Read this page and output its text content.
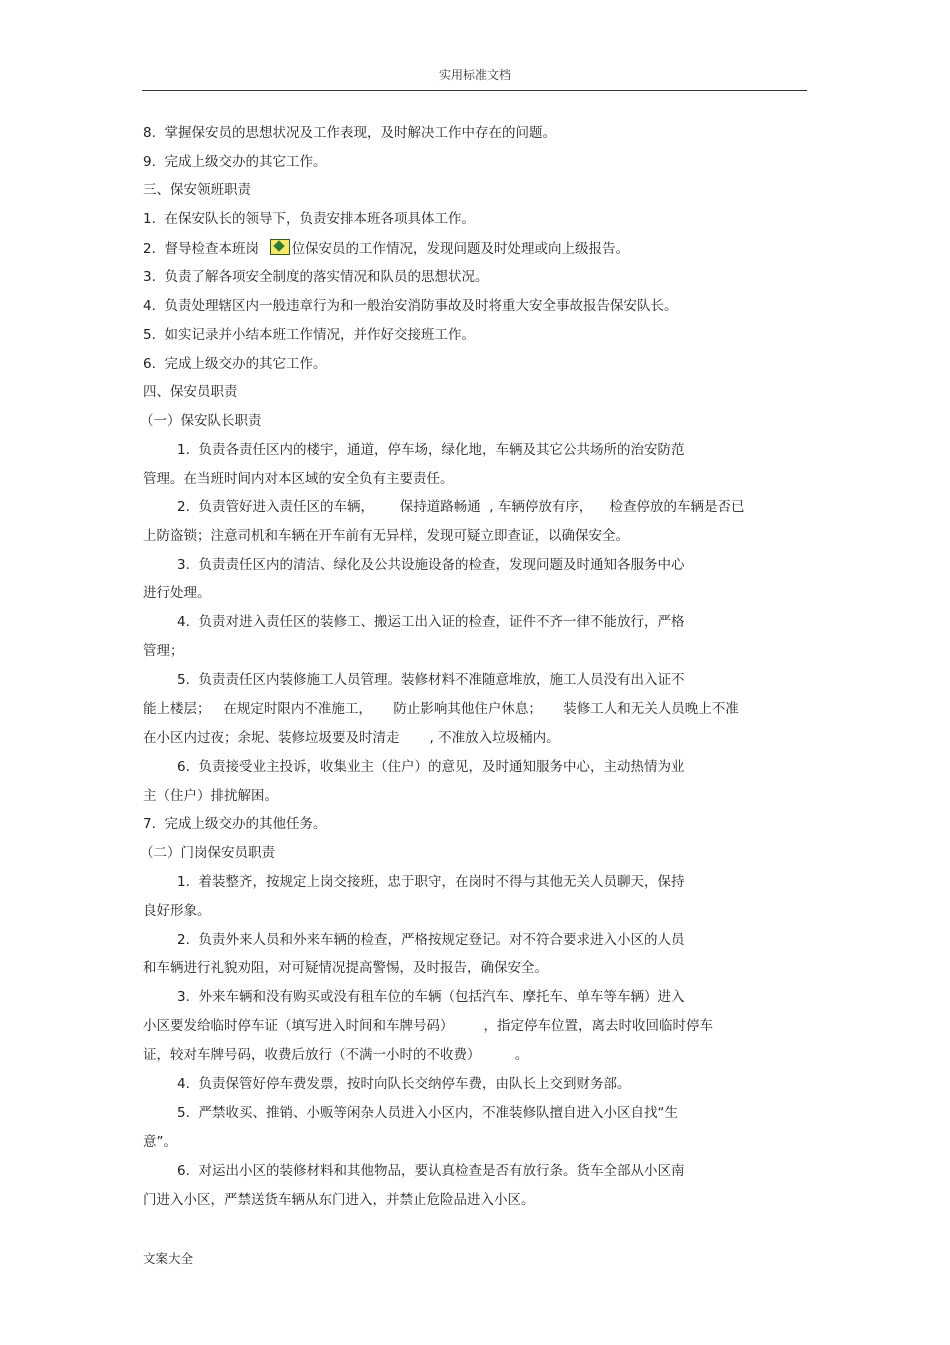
实用标准文档
8.  掌握保安员的思想状况及工作表现，及时解决工作中存在的问题。
9.  完成上级交办的其它工作。
三、保安领班职责
1.  在保安队长的领导下，负责安排本班各项具体工作。
2.  督导检查本班岗 位保安员的工作情况，发现问题及时处理或向上级报告。
3.  负责了解各项安全制度的落实情况和队员的思想状况。
4.  负责处理辖区内一般违章行为和一般治安消防事故及时将重大安全事故报告保安队长。
5.  如实记录并小结本班工作情况，并作好交接班工作。
6.  完成上级交办的其它工作。
四、保安员职责
（一）保安队长职责
1.  负责各责任区内的楼宇，通道，停车场，绿化地，车辆及其它公共场所的治安防范
管理。在当班时间内对本区域的安全负有主要责任。
2.  负责管好进入责任区的车辆，      保持道路畅通  , 车辆停放有序，    检查停放的车辆是否已
上防盗锁；注意司机和车辆在开车前有无异样，发现可疑立即查证，以确保安全。
3.  负责责任区内的清洁、绿化及公共设施设备的检查，发现问题及时通知各服务中心
进行处理。
4.  负责对进入责任区的装修工、搬运工出入证的检查，证件不齐一律不能放行，严格
管理；
5.  负责责任区内装修施工人员管理。装修材料不准随意堆放，施工人员没有出入证不
能上楼层；   在规定时限内不准施工，     防止影响其他住户休息；     装修工人和无关人员晚上不准
在小区内过夜；余坭、装修垃圾要及时清走       , 不准放入垃圾桶内。
6.  负责接受业主投诉，收集业主（住户）的意见，及时通知服务中心，主动热情为业
主（住户）排扰解困。
7.  完成上级交办的其他任务。
（二）门岗保安员职责
1.  着装整齐，按规定上岗交接班，忠于职守，在岗时不得与其他无关人员聊天，保持
良好形象。
2.  负责外来人员和外来车辆的检查，严格按规定登记。对不符合要求进入小区的人员
和车辆进行礼貌劝阻，对可疑情况提高警惕，及时报告，确保安全。
3.  外来车辆和没有购买或没有租车位的车辆（包括汽车、摩托车、单车等车辆）进入
小区要发给临时停车证（填写进入时间和车牌号码）       ，指定停车位置，离去时收回临时停车
证，较对车牌号码，收费后放行（不满一小时的不收费）        。
4.  负责保管好停车费发票，按时向队长交纳停车费，由队长上交到财务部。
5.  严禁收买、推销、小贩等闲杂人员进入小区内，不准装修队擅自进入小区自找“生
意”。
6.  对运出小区的装修材料和其他物品，要认真检查是否有放行条。货车全部从小区南
门进入小区，严禁送货车辆从东门进入，并禁止危险品进入小区。
文案大全
